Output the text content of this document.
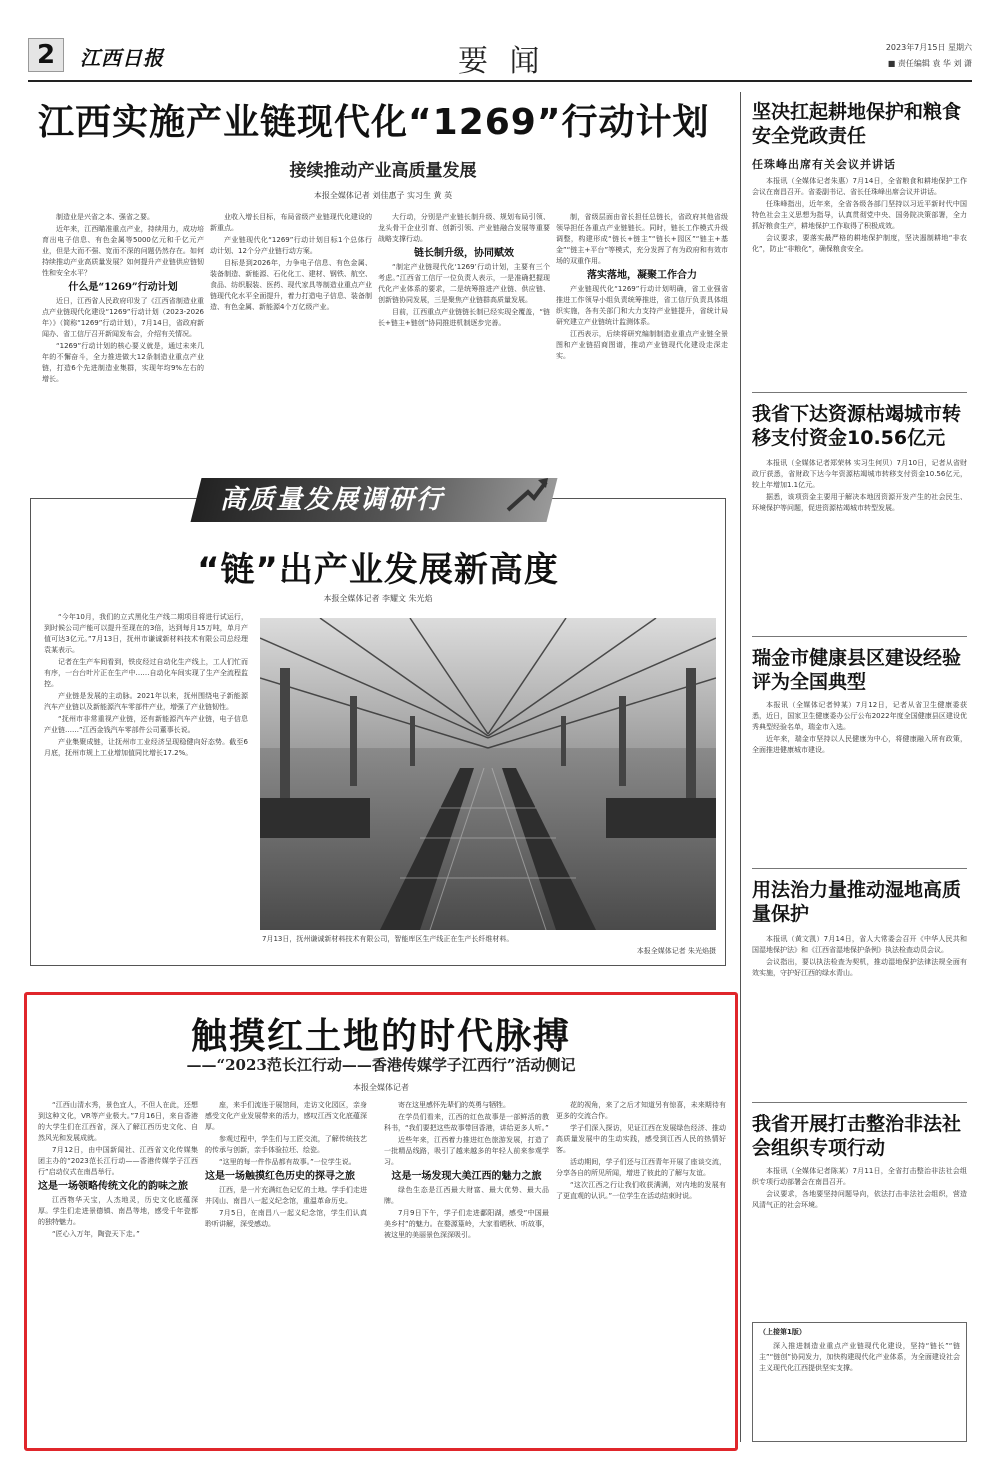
2	江西日报	要 闻	2023年7月15日 星期六
■ 责任编辑 袁 华 刘 潇
江西实施产业链现代化“1269”行动计划
接续推动产业高质量发展
本报全媒体记者 刘佳惠子 实习生 黄 英

制造业是兴省之本、强省之要。

近年来，江西瞄准重点产业，持续用力，成功培育出电子信息、有色金属等5000亿元和千亿元产业，但是大而不强、宽而不深的问题仍然存在。如何持续推动产业高质量发展？如何提升产业链供应链韧性和安全水平？

什么是“1269”行动计划

近日，江西省人民政府印发了《江西省制造业重点产业链现代化建设“1269”行动计划（2023-2026年）》（简称“1269”行动计划），7月14日，省政府新闻办、省工信厅召开新闻发布会，介绍有关情况。

“1269”行动计划的核心要义就是，通过未来几年的不懈奋斗，全力推进做大12条制造业重点产业链，打造6个先进制造业集群，实现年均9%左右的增长。

业收入增长目标，布局省级产业链现代化建设的新重点。

产业链现代化“1269”行动计划目标1个总体行动计划、12个分产业链行动方案。

目标是到2026年，力争电子信息、有色金属、装备制造、新能源、石化化工、建材、钢铁、航空、食品、纺织服装、医药、现代家具等制造业重点产业链现代化水平全面提升，着力打造电子信息、装备制造、有色金属、新能源4个万亿级产业。

大行动，分别是产业链长制升级、规划布局引领、龙头骨干企业引育、创新引领、产业链融合发展等重要战略支撑行动。

链长制升级，协同赋效

“制定产业链现代化‘1269’行动计划，主要有三个考虑。”江西省工信厅一位负责人表示，一是准确把握现代化产业体系的要求，二是统筹推进产业链、供应链、创新链协同发展，三是聚焦产业链群高质量发展。

目前，江西重点产业链链长制已经实现全覆盖，“链长+链主+链创”协同推进机制逐步完善。

制，省级层面由省长担任总链长，省政府其他省级领导担任各重点产业链链长。同时，链长工作模式升级调整，构建形成“链长+链主”“链长+园区”“链主+基金”“链主+平台”等模式，充分发挥了有为政府和有效市场的双重作用。

落实落地，凝聚工作合力

产业链现代化“1269”行动计划明确，省工业强省推进工作领导小组负责统筹推进，省工信厅负责具体组织实施，各有关部门和大力支持产业链提升，省统计局研究建立产业链统计监测体系。

江西表示，后续将研究编制制造业重点产业链全景图和产业链招商图谱，推动产业链现代化建设走深走实。

高质量发展调研行
“链”出产业发展新高度
本报全媒体记者 李耀文 朱光焰

“今年10月，我们的立式黑化生产线二期项目将进行试运行，到时候公司产能可以提升至现在的3倍，达到每月15万吨，单月产值可达3亿元。”7月13日，抚州市谦诚新材料技术有限公司总经理袁某表示。

记者在生产车间看到，铁皮经过自动化生产线上，工人们忙而有序，一台台叶片正在生产中……自动化车间实现了生产全流程监控。

产业链是发展的主动脉。2021年以来，抚州围绕电子新能源汽车产业链以及新能源汽车零部件产业，增强了产业链韧性。

“抚州市非常重视产业链，还有新能源汽车产业链，电子信息产业链……”江西金钱汽车零部件公司董事长说。

产业集聚成链，让抚州市工业经济呈现稳健向好态势。截至6月底，抚州市规上工业增加值同比增长17.2%。

7月13日，抚州谦诚新材料技术有限公司，智能库区生产线正在生产长纤维材料。
本报全媒体记者 朱光焰摄
触摸红土地的时代脉搏
——“2023范长江行动——香港传媒学子江西行”活动侧记
本报全媒体记者

“江西山清水秀，景色宜人，不但人在此，还想到这种文化，VR等产业极大。”7月16日，来自香港的大学生们在江西省，深入了解江西历史文化、自然风光和发展成就。

7月12日，由中国新闻社、江西省文化传媒集团主办的“2023范长江行动——香港传媒学子江西行”启动仪式在南昌举行。

这是一场领略传统文化的韵味之旅

江西物华天宝，人杰地灵，历史文化底蕴深厚。学生们走进景德镇、南昌等地，感受千年瓷都的独特魅力。

“匠心入万年，陶瓷天下走。”

座，来手们流连于展馆间，走访文化园区，亲身感受文化产业发展带来的活力，感叹江西文化底蕴深厚。

参观过程中，学生们与工匠交流，了解传统技艺的传承与创新，亲手体验拉坯、绘瓷。

“这里的每一件作品都有故事。”一位学生说。

这是一场触摸红色历史的探寻之旅

江西，是一片充满红色记忆的土地。学手们走进井冈山、南昌八一起义纪念馆，重温革命历史。

7月5日，在南昌八一起义纪念馆，学生们认真聆听讲解，深受感动。

寄在这里感怀先辈们的英勇与牺牲。

在学员们看来，江西的红色故事是一部鲜活的教科书，“我们要把这些故事带回香港，讲给更多人听。”

近些年来，江西着力推进红色旅游发展，打造了一批精品线路，吸引了越来越多的年轻人前来参观学习。

这是一场发现大美江西的魅力之旅

绿色生态是江西最大财富、最大优势、最大品牌。

7月9日下午，学子们走进鄱阳湖，感受“中国最美乡村”的魅力。在婺源篁岭，大家看晒秋、听故事，被这里的美丽景色深深吸引。

花的视角，来了之后才知道另有惊喜，未来期待有更多的交流合作。

学子们深入探访，见证江西在发展绿色经济、推动高质量发展中的生动实践，感受到江西人民的热情好客。

活动期间，学子们还与江西青年开展了座谈交流，分享各自的所见所闻，增进了彼此的了解与友谊。

“这次江西之行让我们收获满满，对内地的发展有了更直观的认识。”一位学生在活动结束时说。

坚决扛起耕地保护和粮食安全党政责任
任珠峰出席有关会议并讲话

本报讯（全媒体记者朱惠）7月14日，全省粮食和耕地保护工作会议在南昌召开。省委副书记、省长任珠峰出席会议并讲话。

任珠峰指出，近年来，全省各级各部门坚持以习近平新时代中国特色社会主义思想为指导，认真贯彻党中央、国务院决策部署，全力抓好粮食生产，耕地保护工作取得了积极成效。

会议要求，要落实最严格的耕地保护制度，坚决遏制耕地“非农化”，防止“非粮化”，确保粮食安全。

我省下达资源枯竭城市转移支付资金10.56亿元

本报讯（全媒体记者郑荣林 实习生何贝）7月10日，记者从省财政厅获悉，省财政下达今年资源枯竭城市转移支付资金10.56亿元，较上年增加1.1亿元。

据悉，该项资金主要用于解决本地因资源开发产生的社会民生、环境保护等问题，促进资源枯竭城市转型发展。

瑞金市健康县区建设经验评为全国典型

本报讯（全媒体记者钟某）7月12日，记者从省卫生健康委获悉，近日，国家卫生健康委办公厅公布2022年度全国健康县区建设优秀典型经验名单，瑞金市入选。

近年来，瑞金市坚持以人民健康为中心，将健康融入所有政策，全面推进健康城市建设。

用法治力量推动湿地高质量保护

本报讯（黄文凯）7月14日，省人大常委会召开《中华人民共和国湿地保护法》和《江西省湿地保护条例》执法检查动员会议。

会议指出，要以执法检查为契机，推动湿地保护法律法规全面有效实施，守护好江西的绿水青山。

我省开展打击整治非法社会组织专项行动

本报讯（全媒体记者陈某）7月11日，全省打击整治非法社会组织专项行动部署会在南昌召开。

会议要求，各地要坚持问题导向，依法打击非法社会组织，营造风清气正的社会环境。

（上接第1版）

深入推进制造业重点产业链现代化建设，坚持“链长”“链主”“链创”协同发力，加快构建现代化产业体系，为全面建设社会主义现代化江西提供坚实支撑。
